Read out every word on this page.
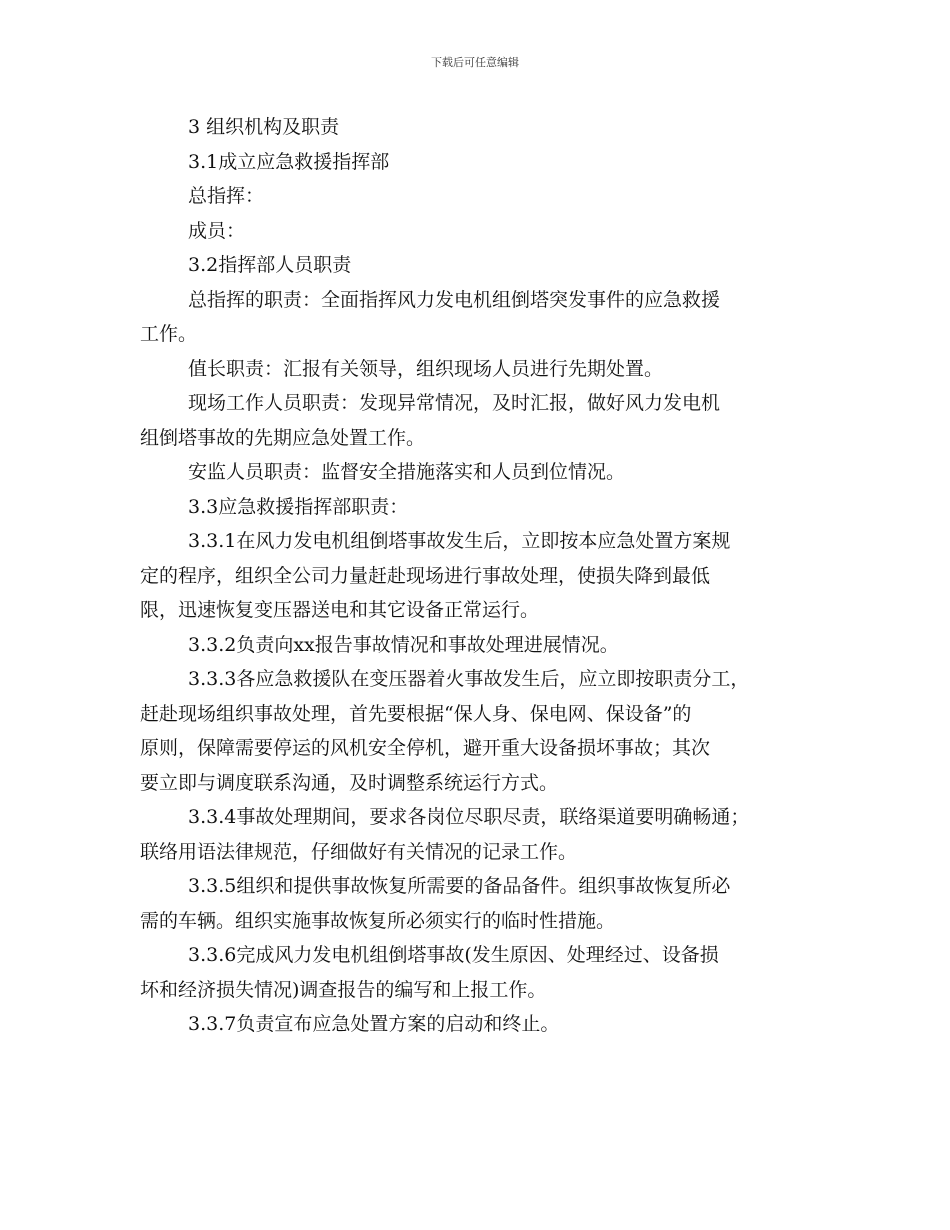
下载后可任意编辑
3 组织机构及职责
3.1成立应急救援指挥部
总指挥：
成员：
3.2指挥部人员职责
总指挥的职责：全面指挥风力发电机组倒塔突发事件的应急救援
工作。
值长职责：汇报有关领导，组织现场人员进行先期处置。
现场工作人员职责：发现异常情况，及时汇报，做好风力发电机
组倒塔事故的先期应急处置工作。
安监人员职责：监督安全措施落实和人员到位情况。
3.3应急救援指挥部职责：
3.3.1在风力发电机组倒塔事故发生后，立即按本应急处置方案规
定的程序，组织全公司力量赶赴现场进行事故处理，使损失降到最低
限，迅速恢复变压器送电和其它设备正常运行。
3.3.2负责向xx报告事故情况和事故处理进展情况。
3.3.3各应急救援队在变压器着火事故发生后，应立即按职责分工，
赶赴现场组织事故处理，首先要根据“保人身、保电网、保设备”的
原则，保障需要停运的风机安全停机，避开重大设备损坏事故；其次
要立即与调度联系沟通，及时调整系统运行方式。
3.3.4事故处理期间，要求各岗位尽职尽责，联络渠道要明确畅通；
联络用语法律规范，仔细做好有关情况的记录工作。
3.3.5组织和提供事故恢复所需要的备品备件。组织事故恢复所必
需的车辆。组织实施事故恢复所必须实行的临时性措施。
3.3.6完成风力发电机组倒塔事故(发生原因、处理经过、设备损
坏和经济损失情况)调查报告的编写和上报工作。
3.3.7负责宣布应急处置方案的启动和终止。
